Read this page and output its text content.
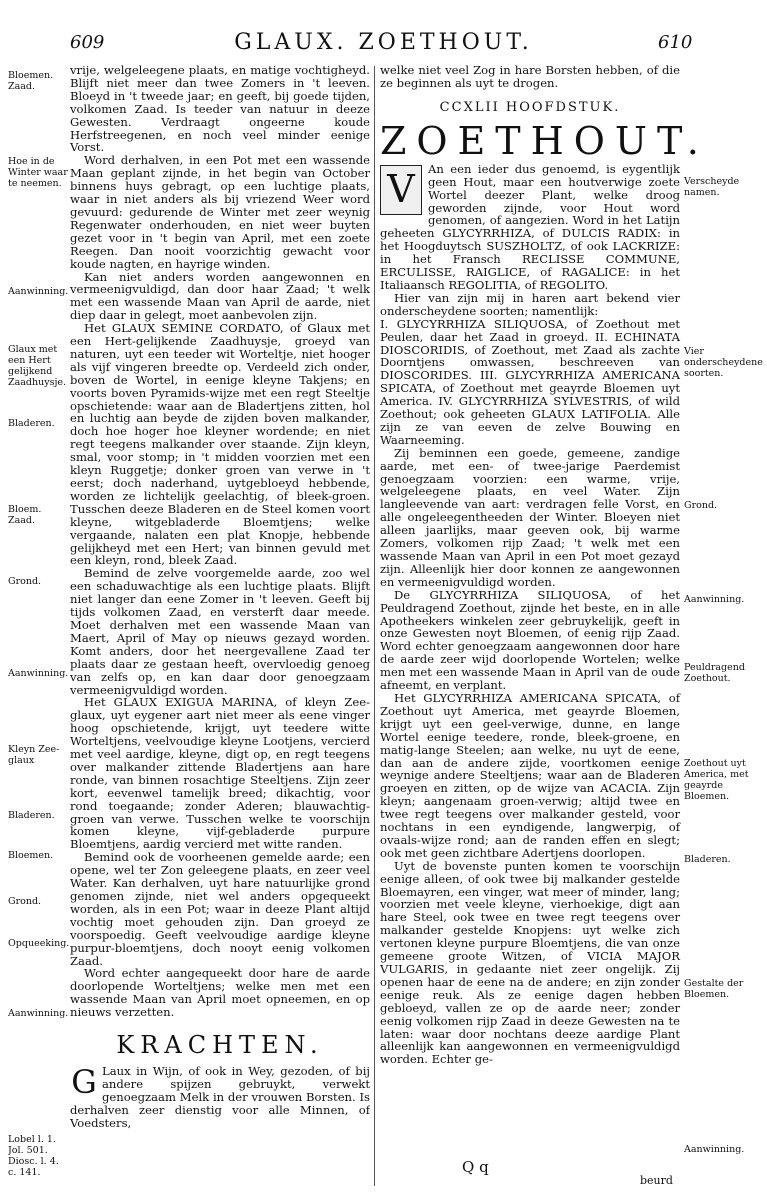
609	GLAUX. ZOETHOUT.	610
Bloemen. Zaad.
Hoe in de Winter waar te neemen.
Aanwinning.
Glaux met een Hert gelijkend Zaadhuysje.
Bladeren.
Bloem. Zaad.
Grond.
Aanwinning.
Kleyn Zee-glaux
Bladeren.
Bloemen.
Grond.
Opqueeking.
Aanwinning.
Lobel l. 1. Jol. 501. Diosc. l. 4. c. 141.

vrije, welgeleegene plaats, en matige vochtigheyd. Blijft niet meer dan twee Zomers in 't leeven. Bloeyd in 't tweede jaar; en geeft, bij goede tijden, volkomen Zaad. Is teeder van natuur in deeze Gewesten. Verdraagt ongeerne koude Herfstreegenen, en noch veel minder eenige Vorst.

Word derhalven, in een Pot met een wassende Maan geplant zijnde, in het begin van October binnens huys gebragt, op een luchtige plaats, waar in niet anders als bij vriezend Weer word gevuurd: gedurende de Winter met zeer weynig Regenwater onderhouden, en niet weer buyten gezet voor in 't begin van April, met een zoete Reegen. Dan nooit voorzichtig gewacht voor koude nagten, en hayrige winden.

Kan niet anders worden aangewonnen en vermeenigvuldigd, dan door haar Zaad; 't welk met een wassende Maan van April de aarde, niet diep daar in gelegt, moet aanbevolen zijn.

Het GLAUX SEMINE CORDATO, of Glaux met een Hert-gelijkende Zaadhuysje, groeyd van naturen, uyt een teeder wit Worteltje, niet hooger als vijf vingeren breedte op. Verdeeld zich onder, boven de Wortel, in eenige kleyne Takjens; en voorts boven Pyramids-wijze met een regt Steeltje opschietende: waar aan de Bladertjens zitten, hol en luchtig aan beyde de zijden boven malkander, doch hoe hoger hoe kleyner wordende; en niet regt teegens malkander over staande. Zijn kleyn, smal, voor stomp; in 't midden voorzien met een kleyn Ruggetje; donker groen van verwe in 't eerst; doch naderhand, uytgebloeyd hebbende, worden ze lichtelijk geelachtig, of bleek-groen. Tusschen deeze Bladeren en de Steel komen voort kleyne, witgebladerde Bloemtjens; welke vergaande, nalaten een plat Knopje, hebbende gelijkheyd met een Hert; van binnen gevuld met een kleyn, rond, bleek Zaad.

Bemind de zelve voorgemelde aarde, zoo wel een schaduwachtige als een luchtige plaats. Blijft niet langer dan eene Zomer in 't leeven. Geeft bij tijds volkomen Zaad, en versterft daar meede. Moet derhalven met een wassende Maan van Maert, April of May op nieuws gezayd worden. Komt anders, door het neergevallene Zaad ter plaats daar ze gestaan heeft, overvloedig genoeg van zelfs op, en kan daar door genoegzaam vermeenigvuldigd worden.

Het GLAUX EXIGUA MARINA, of kleyn Zee-glaux, uyt eygener aart niet meer als eene vinger hoog opschietende, krijgt, uyt teedere witte Worteltjens, veelvoudige kleyne Lootjens, vercierd met veel aardige, kleyne, digt op, en regt teegens over malkander zittende Bladertjens aan hare ronde, van binnen rosachtige Steeltjens. Zijn zeer kort, eevenwel tamelijk breed; dikachtig, voor rond toegaande; zonder Aderen; blauwachtig-groen van verwe. Tusschen welke te voorschijn komen kleyne, vijf-gebladerde purpure Bloemtjens, aardig vercierd met witte randen.

Bemind ook de voorheenen gemelde aarde; een opene, wel ter Zon geleegene plaats, en zeer veel Water. Kan derhalven, uyt hare natuurlijke grond genomen zijnde, niet wel anders opgequeekt worden, als in een Pot; waar in deeze Plant altijd vochtig moet gehouden zijn. Dan groeyd ze voorspoedig. Geeft veelvoudige aardige kleyne purpur-bloemtjens, doch nooyt eenig volkomen Zaad.

Word echter aangequeekt door hare de aarde doorlopende Worteltjens; welke men met een wassende Maan van April moet opneemen, en op nieuws verzetten.

KRACHTEN.

G Laux in Wijn, of ook in Wey, gezoden, of bij andere spijzen gebruykt, verwekt genoegzaam Melk in der vrouwen Borsten. Is derhalven zeer dienstig voor alle Minnen, of Voedsters,

Verscheyde namen.
Vier onderscheydene soorten.
Grond.
Aanwinning.
Peuldragend Zoethout.
Zoethout uyt America, met geayrde Bloemen.
Bladeren.
Gestalte der Bloemen.
Aanwinning.

welke niet veel Zog in hare Borsten hebben, of die ze beginnen als uyt te drogen.

CCXLII HOOFDSTUK.
ZOETHOUT.

V	An een ieder dus genoemd, is eygentlijk geen Hout, maar een houtverwige zoete Wortel deezer Plant, welke droog geworden zijnde, voor Hout word genomen, of aangezien. Word in het Latijn geheeten GLYCYRRHIZA, of DULCIS RADIX: in het Hoogduytsch SUSZHOLTZ, of ook LACKRIZE: in het Fransch RECLISSE COMMUNE, ERCULISSE, RAIGLICE, of RAGALICE: in het Italiaansch REGOLITIA, of REGOLITO.

Hier van zijn mij in haren aart bekend vier onderscheydene soorten; namentlijk:

I. GLYCYRRHIZA SILIQUOSA, of Zoethout met Peulen, daar het Zaad in groeyd. II. ECHINATA DIOSCORIDIS, of Zoethout, met Zaad als zachte Doorntjens omwassen, beschreeven van DIOSCORIDES. III. GLYCYRRHIZA AMERICANA SPICATA, of Zoethout met geayrde Bloemen uyt America. IV. GLYCYRRHIZA SYLVESTRIS, of wild Zoethout; ook geheeten GLAUX LATIFOLIA. Alle zijn ze van eeven de zelve Bouwing en Waarneeming.

Zij beminnen een goede, gemeene, zandige aarde, met een- of twee-jarige Paerdemist genoegzaam voorzien: een warme, vrije, welgeleegene plaats, en veel Water. Zijn langleevende van aart: verdragen felle Vorst, en alle ongeleegentheeden der Winter. Bloeyen niet alleen jaarlijks, maar geeven ook, bij warme Zomers, volkomen rijp Zaad; 't welk met een wassende Maan van April in een Pot moet gezayd zijn. Alleenlijk hier door konnen ze aangewonnen en vermeenigvuldigd worden.

De GLYCYRRHIZA SILIQUOSA, of het Peuldragend Zoethout, zijnde het beste, en in alle Apotheekers winkelen zeer gebruykelijk, geeft in onze Gewesten noyt Bloemen, of eenig rijp Zaad. Word echter genoegzaam aangewonnen door hare de aarde zeer wijd doorlopende Wortelen; welke men met een wassende Maan in April van de oude afneemt, en verplant.

Het GLYCYRRHIZA AMERICANA SPICATA, of Zoethout uyt America, met geayrde Bloemen, krijgt uyt een geel-verwige, dunne, en lange Wortel eenige teedere, ronde, bleek-groene, en matig-lange Steelen; aan welke, nu uyt de eene, dan aan de andere zijde, voortkomen eenige weynige andere Steeltjens; waar aan de Bladeren groeyen en zitten, op de wijze van ACACIA. Zijn kleyn; aangenaam groen-verwig; altijd twee en twee regt teegens over malkander gesteld, voor nochtans in een eyndigende, langwerpig, of ovaals-wijze rond; aan de randen effen en slegt; ook met geen zichtbare Adertjens doorlopen.

Uyt de bovenste punten komen te voorschijn eenige alleen, of ook twee bij malkander gestelde Bloemayren, een vinger, wat meer of minder, lang; voorzien met veele kleyne, vierhoekige, digt aan hare Steel, ook twee en twee regt teegens over malkander gestelde Knopjens: uyt welke zich vertonen kleyne purpure Bloemtjens, die van onze gemeene groote Witzen, of VICIA MAJOR VULGARIS, in gedaante niet zeer ongelijk. Zij openen haar de eene na de andere; en zijn zonder eenige reuk. Als ze eenige dagen hebben gebloeyd, vallen ze op de aarde neer; zonder eenig volkomen rijp Zaad in deeze Gewesten na te laten: waar door nochtans deeze aardige Plant alleenlijk kan aangewonnen en vermeenigvuldigd worden. Echter ge-

Q q
beurd
